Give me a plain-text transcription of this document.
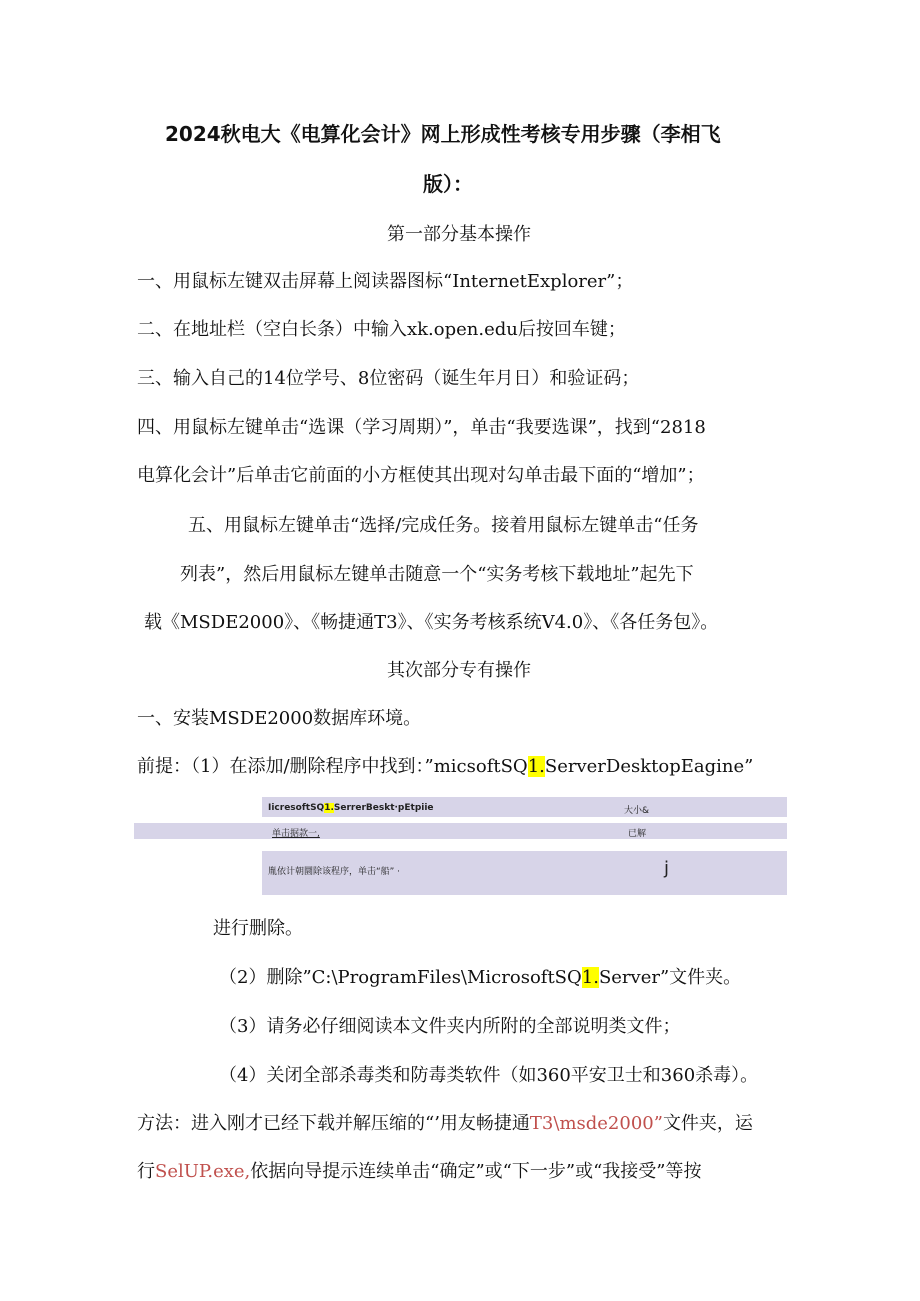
2024秋电大《电算化会计》网上形成性考核专用步骤（李相飞
版）：
第一部分基本操作
一、用鼠标左键双击屏幕上阅读器图标“InternetExplorer”；
二、在地址栏（空白长条）中输入xk.open.edu后按回车键；
三、输入自己的14位学号、8位密码（诞生年月日）和验证码；
四、用鼠标左键单击“选课（学习周期）”，单击“我要选课”，找到“2818
电算化会计”后单击它前面的小方框使其出现对勾单击最下面的“增加”；
五、用鼠标左键单击“选择/完成任务。接着用鼠标左键单击“任务
列表”，然后用鼠标左键单击随意一个“实务考核下载地址”起先下
载《MSDE2000》、《畅捷通T3》、《实务考核系统V4.0》、《各任务包》。
其次部分专有操作
一、安装MSDE2000数据库环境。
前提：（1）在添加/删除程序中找到：”micsoftSQ1.ServerDesktopEagine”
IicresoftSQ1.SerrerBeskt·pEtpiie	大小&
单击据款一,	已解
胤依计朝圜除该程序，单击“船” ·	j
进行删除。
（2）删除”C:\ProgramFiles\MicrosoftSQ1.Server”文件夹。
（3）请务必仔细阅读本文件夹内所附的全部说明类文件；
（4）关闭全部杀毒类和防毒类软件（如360平安卫士和360杀毒）。
方法：进入刚才已经下载并解压缩的“’用友畅捷通T3\msde2000”文件夹，运
行SelUP.exe,依据向导提示连续单击“确定”或“下一步”或“我接受”等按
